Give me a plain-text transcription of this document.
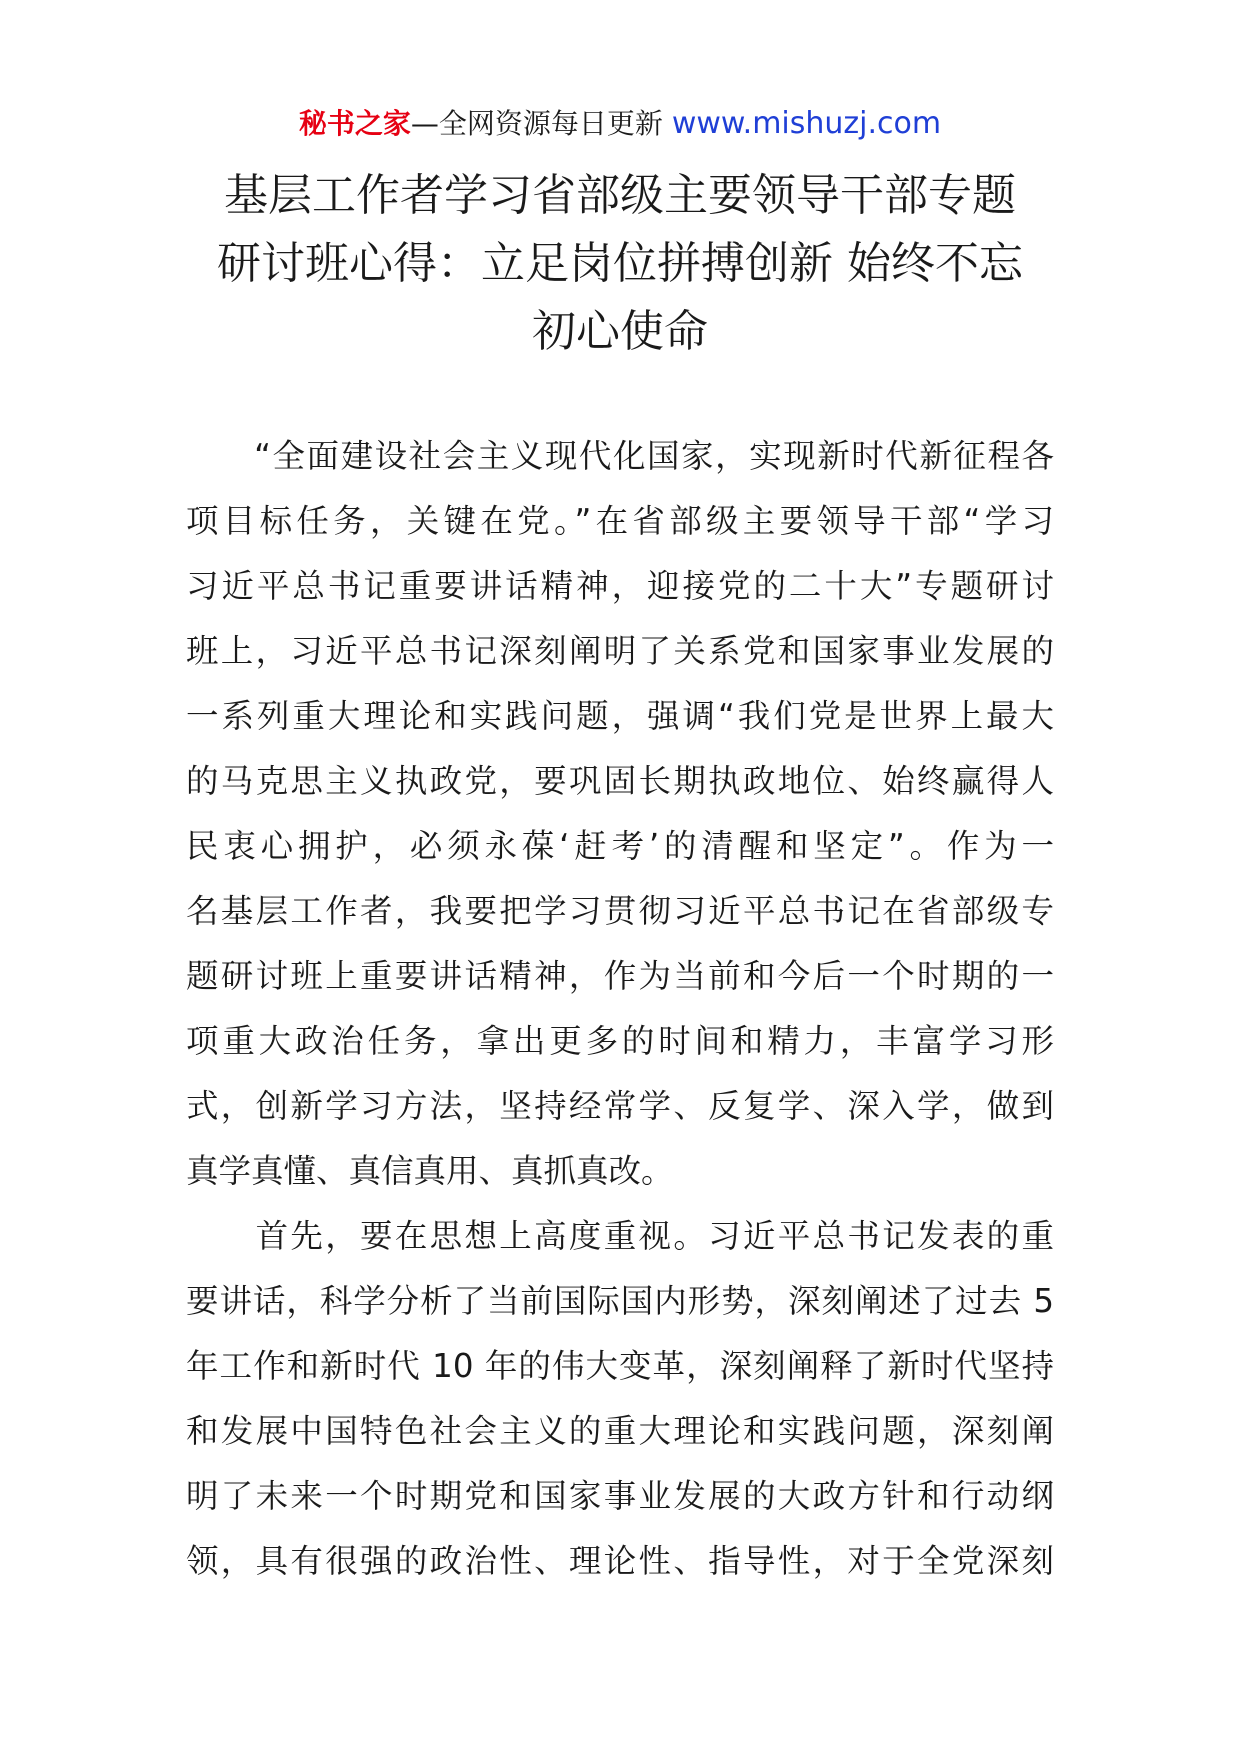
秘书之家—全网资源每日更新 www.mishuzj.com
基层工作者学习省部级主要领导干部专题
研讨班心得：立足岗位拼搏创新 始终不忘
初心使命
　　“全面建设社会主义现代化国家，实现新时代新征程各
项目标任务，关键在党。”在省部级主要领导干部“学习
习近平总书记重要讲话精神，迎接党的二十大”专题研讨
班上，习近平总书记深刻阐明了关系党和国家事业发展的
一系列重大理论和实践问题，强调“我们党是世界上最大
的马克思主义执政党，要巩固长期执政地位、始终赢得人
民衷心拥护，必须永葆‘赶考’的清醒和坚定”。作为一
名基层工作者，我要把学习贯彻习近平总书记在省部级专
题研讨班上重要讲话精神，作为当前和今后一个时期的一
项重大政治任务，拿出更多的时间和精力，丰富学习形
式，创新学习方法，坚持经常学、反复学、深入学，做到
真学真懂、真信真用、真抓真改。
　　首先，要在思想上高度重视。习近平总书记发表的重
要讲话，科学分析了当前国际国内形势，深刻阐述了过去 5
年工作和新时代 10 年的伟大变革，深刻阐释了新时代坚持
和发展中国特色社会主义的重大理论和实践问题，深刻阐
明了未来一个时期党和国家事业发展的大政方针和行动纲
领，具有很强的政治性、理论性、指导性，对于全党深刻
